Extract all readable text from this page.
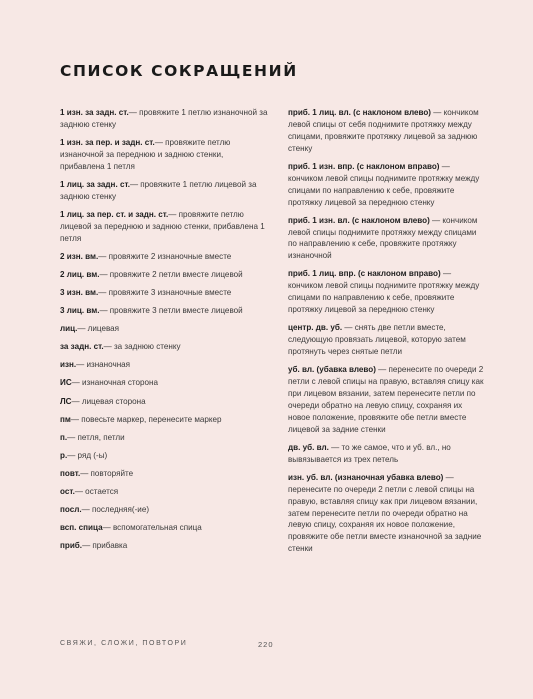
СПИСОК СОКРАЩЕНИЙ

1 изн. за задн. ст.— провяжите 1 петлю изнаночной за заднюю стенку

1 изн. за пер. и задн. ст.— провяжите петлю изнаночной за переднюю и заднюю стенки, прибавлена 1 петля

1 лиц. за задн. ст.— провяжите 1 петлю лицевой за заднюю стенку

1 лиц. за пер. ст. и задн. ст.— провяжите петлю лицевой за переднюю и заднюю стенки, прибавлена 1 петля

2 изн. вм.— провяжите 2 изнаночные вместе

2 лиц. вм.— провяжите 2 петли вместе лицевой

3 изн. вм.— провяжите 3 изнаночные вместе

3 лиц. вм.— провяжите 3 петли вместе лицевой

лиц.— лицевая

за задн. ст.— за заднюю стенку

изн.— изнаночная

ИС— изнаночная сторона

ЛС— лицевая сторона

пм— повесьте маркер, перенесите маркер

п.— петля, петли

р.— ряд (-ы)

повт.— повторяйте

ост.— остается

посл.— последняя(-ие)

всп. спица— вспомогательная спица

приб.— прибавка

приб. 1 лиц. вл. (с наклоном влево) — кончиком левой спицы от себя поднимите протяжку между спицами, провяжите протяжку лицевой за заднюю стенку

приб. 1 изн. впр. (с наклоном вправо) — кончиком левой спицы поднимите протяжку между спицами по направлению к себе, провяжите протяжку лицевой за переднюю стенку

приб. 1 изн. вл. (с наклоном влево) — кончиком левой спицы поднимите протяжку между спицами по направлению к себе, провяжите протяжку изнаночной

приб. 1 лиц. впр. (с наклоном вправо) — кончиком левой спицы поднимите протяжку между спицами по направлению к себе, провяжите протяжку лицевой за переднюю стенку

центр. дв. уб. — снять две петли вместе, следующую провязать лицевой, которую затем протянуть через снятые петли

уб. вл. (убавка влево) — перенесите по очереди 2 петли с левой спицы на правую, вставляя спицу как при лицевом вязании, затем перенесите петли по очереди обратно на левую спицу, сохраняя их новое положение, провяжите обе петли вместе лицевой за задние стенки

дв. уб. вл. — то же самое, что и уб. вл., но вывязывается из трех петель

изн. уб. вл. (изнаночная убавка влево) — перенесите по очереди 2 петли с левой спицы на правую, вставляя спицу как при лицевом вязании, затем перенесите петли по очереди обратно на левую спицу, сохраняя их новое положение, провяжите обе петли вместе изнаночной за задние стенки

СВЯЖИ, СЛОЖИ, ПОВТОРИ	220
